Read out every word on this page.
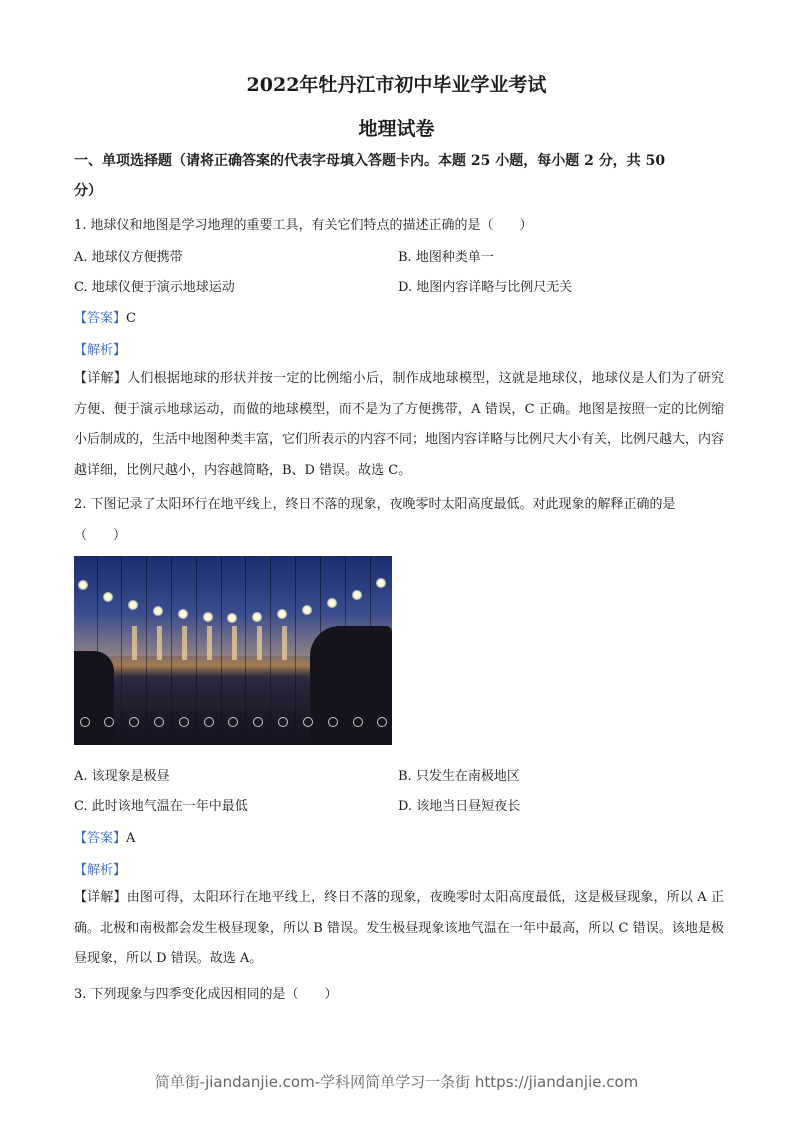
2022年牡丹江市初中毕业学业考试
地理试卷
一、单项选择题（请将正确答案的代表字母填入答题卡内。本题 25 小题，每小题 2 分，共 50
分）
1. 地球仪和地图是学习地理的重要工具，有关它们特点的描述正确的是（　　）
A. 地球仪方便携带	B. 地图种类单一
C. 地球仪便于演示地球运动	D. 地图内容详略与比例尺无关
【答案】C
【解析】
【详解】人们根据地球的形状并按一定的比例缩小后，制作成地球模型，这就是地球仪，地球仪是人们为了研究方便、便于演示地球运动，而做的地球模型，而不是为了方便携带，A 错误，C 正确。地图是按照一定的比例缩小后制成的，生活中地图种类丰富，它们所表示的内容不同；地图内容详略与比例尺大小有关，比例尺越大，内容越详细，比例尺越小，内容越简略，B、D 错误。故选 C。
2. 下图记录了太阳环行在地平线上，终日不落的现象，夜晚零时太阳高度最低。对此现象的解释正确的是
（　　）
A. 该现象是极昼	B. 只发生在南极地区
C. 此时该地气温在一年中最低	D. 该地当日昼短夜长
【答案】A
【解析】
【详解】由图可得，太阳环行在地平线上，终日不落的现象，夜晚零时太阳高度最低，这是极昼现象，所以 A 正确。北极和南极都会发生极昼现象，所以 B 错误。发生极昼现象该地气温在一年中最高，所以 C 错误。该地是极昼现象，所以 D 错误。故选 A。
3. 下列现象与四季变化成因相同的是（　　）
简单街-jiandanjie.com-学科网简单学习一条街 https://jiandanjie.com
